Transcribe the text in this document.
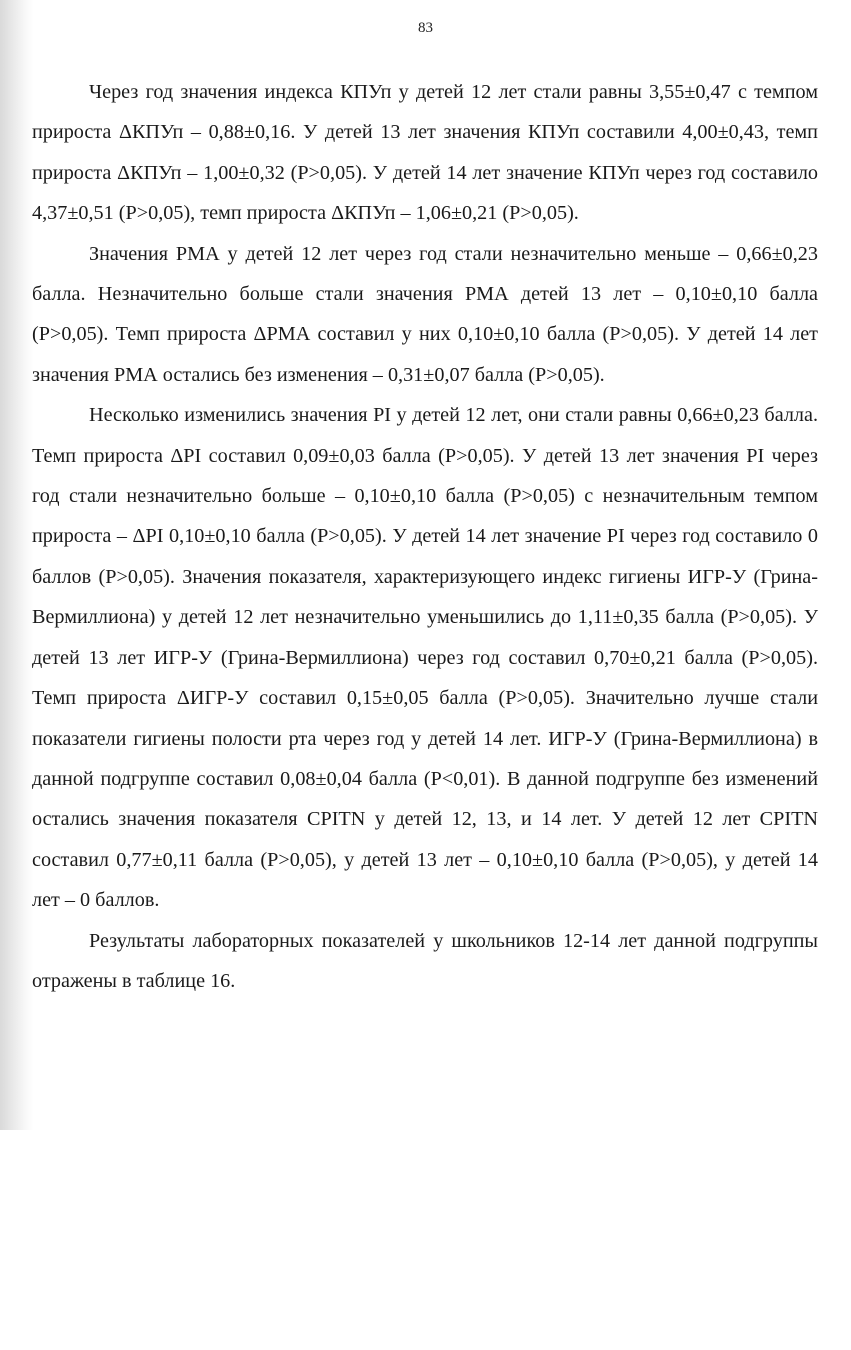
83

Через год значения индекса КПУп у детей 12 лет стали равны 3,55±0,47 с темпом прироста ΔКПУп – 0,88±0,16. У детей 13 лет значения КПУп составили 4,00±0,43, темп прироста ΔКПУп – 1,00±0,32 (Р>0,05). У детей 14 лет значение КПУп через год составило 4,37±0,51 (Р>0,05), темп прироста ΔКПУп – 1,06±0,21 (Р>0,05).

Значения РМА у детей 12 лет через год стали незначительно меньше – 0,66±0,23 балла. Незначительно больше стали значения РМА детей 13 лет – 0,10±0,10 балла (Р>0,05). Темп прироста ΔРМА составил у них 0,10±0,10 балла (Р>0,05). У детей 14 лет значения РМА остались без изменения – 0,31±0,07 балла (Р>0,05).

Несколько изменились значения PI у детей 12 лет, они стали равны 0,66±0,23 балла. Темп прироста ΔPI составил 0,09±0,03 балла (Р>0,05). У детей 13 лет значения PI через год стали незначительно больше – 0,10±0,10 балла (Р>0,05) с незначительным темпом прироста – ΔPI 0,10±0,10 балла (Р>0,05). У детей 14 лет значение PI через год составило 0 баллов (Р>0,05). Значения показателя, характеризующего индекс гигиены ИГР-У (Грина-Вермиллиона) у детей 12 лет незначительно уменьшились до 1,11±0,35 балла (Р>0,05). У детей 13 лет ИГР-У (Грина-Вермиллиона) через год составил 0,70±0,21 балла (Р>0,05). Темп прироста ΔИГР-У составил 0,15±0,05 балла (Р>0,05). Значительно лучше стали показатели гигиены полости рта через год у детей 14 лет. ИГР-У (Грина-Вермиллиона) в данной подгруппе составил 0,08±0,04 балла (Р<0,01). В данной подгруппе без изменений остались значения показателя CPITN у детей 12, 13, и 14 лет. У детей 12 лет CPITN составил 0,77±0,11 балла (Р>0,05), у детей 13 лет – 0,10±0,10 балла (Р>0,05), у детей 14 лет – 0 баллов.

Результаты лабораторных показателей у школьников 12-14 лет данной подгруппы отражены в таблице 16.
